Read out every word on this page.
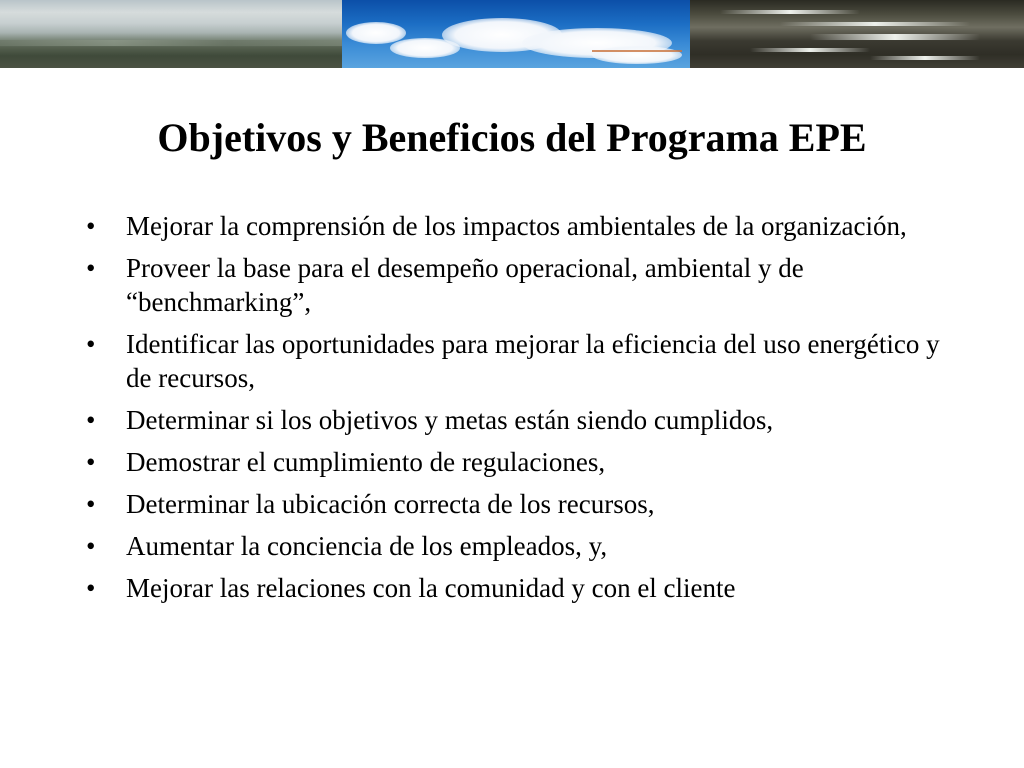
Objetivos y Beneficios del Programa EPE
• Mejorar la comprensión de los impactos ambientales de la organización,
• Proveer la base para el desempeño operacional, ambiental y de “benchmarking”,
• Identificar las oportunidades para mejorar la eficiencia del uso energético y de recursos,
• Determinar si los objetivos y metas están siendo cumplidos,
• Demostrar el cumplimiento de regulaciones,
• Determinar la ubicación correcta de los recursos,
• Aumentar la conciencia de los empleados, y,
• Mejorar las relaciones con la comunidad y con el cliente
